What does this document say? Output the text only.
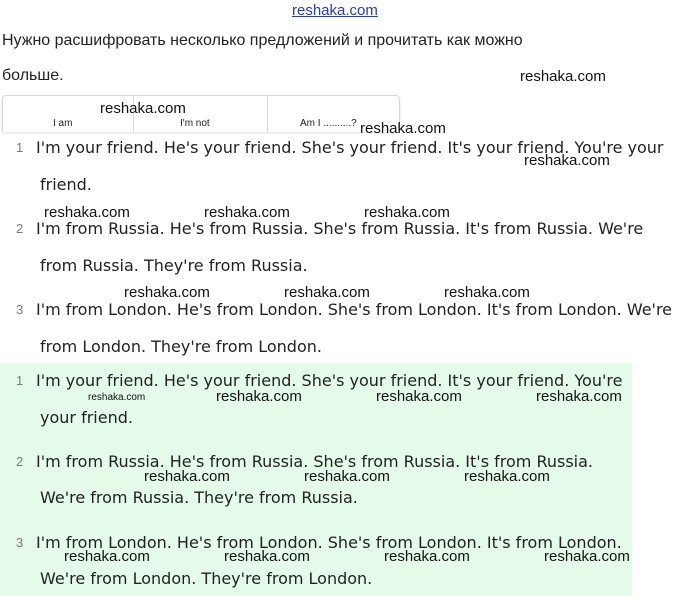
reshaka.com
Нужно расшифровать несколько предложений и прочитать как можно
больше.
I am	I'm not	Am I ..........?
1 I'm your friend. He's your friend. She's your friend. It's your friend. You're your
friend.
2 I'm from Russia. He's from Russia. She's from Russia. It's from Russia. We're
from Russia. They're from Russia.
3 I'm from London. He's from London. She's from London. It's from London. We're
from London. They're from London.
1 I'm your friend. He's your friend. She's your friend. It's your friend. You're
your friend.
2 I'm from Russia. He's from Russia. She's from Russia. It's from Russia.
We're from Russia. They're from Russia.
3 I'm from London. He's from London. She's from London. It's from London.
We're from London. They're from London.
reshaka.com
reshaka.com
reshaka.com
reshaka.com
reshaka.com	reshaka.com	reshaka.com
reshaka.com	reshaka.com	reshaka.com
reshaka.com	reshaka.com	reshaka.com	reshaka.com
reshaka.com	reshaka.com	reshaka.com
reshaka.com	reshaka.com	reshaka.com	reshaka.com
